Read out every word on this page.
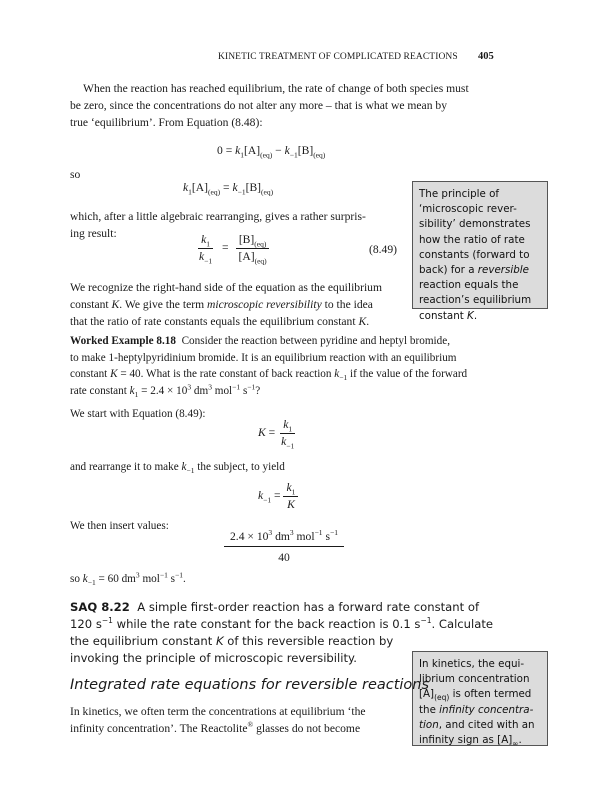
KINETIC TREATMENT OF COMPLICATED REACTIONS 405
When the reaction has reached equilibrium, the rate of change of both species must
be zero, since the concentrations do not alter any more – that is what we mean by
true ‘equilibrium’. From Equation (8.48):
$0 = k_1[A]_{(eq)} - k_{-1}[B]_{(eq)}$
so
$k_1[A]_{(eq)} = k_{-1}[B]_{(eq)}$
which, after a little algebraic rearranging, gives a rather surpris-
ing result:	$\frac{k_1}{k_{-1}} = \frac{[B]_{(eq)}}{[A]_{(eq)}}$	(8.49)
We recognize the right-hand side of the equation as the equilibrium
constant K. We give the term microscopic reversibility to the idea
that the ratio of rate constants equals the equilibrium constant K.
The principle of
‘microscopic rever-
sibility’ demonstrates
how the ratio of rate
constants (forward to
back) for a reversible
reaction equals the
reaction’s equilibrium
constant K.
Worked Example 8.18 Consider the reaction between pyridine and heptyl bromide,
to make 1-heptylpyridinium bromide. It is an equilibrium reaction with an equilibrium
constant K = 40. What is the rate constant of back reaction $k_{-1}$ if the value of the forward
rate constant $k_1 = 2.4 \times 10^3$ $dm^3$ mol$^{-1}$ $s^{-1}$?
We start with Equation (8.49):
$K = \frac{k_1}{k_{-1}}$
and rearrange it to make $k_{-1}$ the subject, to yield
$k_{-1} = \frac{k_1}{K}$
We then insert values:
$\frac{2.4 \times 10^3 dm^3 mol^{-1} s^{-1}}{40}$
so $k_{-1} = 60$ $dm^3$ mol$^{-1}$ $s^{-1}$.
SAQ 8.22 A simple first-order reaction has a forward rate constant of
120 $s^{-1}$ while the rate constant for the back reaction is 0.1 $s^{-1}$. Calculate
the equilibrium constant K of this reversible reaction by
invoking the principle of microscopic reversibility.	In kinetics, the equi-
librium concentration
$[A]_{(eq)}$ is often termed
the infinity concentra-
tion, and cited with an
infinity sign as $[A]_\infty$.
Integrated rate equations for reversible reactions
In kinetics, we often term the concentrations at equilibrium ‘the
infinity concentration’. The Reactolite® glasses do not become
